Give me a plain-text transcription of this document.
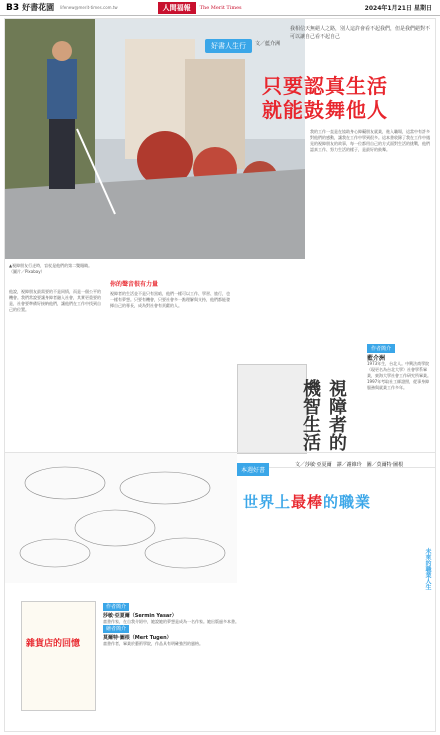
B3 好書花園 lifenew@merit-times.com.tw	人間福報	The Merit Times	2024年1月21日 星期日
好書人生行	文／藍介洲
我相信天無絕人之路，別人這許會看不起我們，但是我們絕對不可以讓自己看不起自己
只要認真生活
就能鼓舞他人
▲視障朋友行走時，盲杖是他們的第二雙眼睛。（圖片／Pixabay）
你的聲音很有力量
我的工作一直是在協助身心障礙朋友就業，進入職場，這當中有許多對他們的感動，讓我在工作中學到很多。這本書收錄了我在工作中遇見的視障朋友的故事，每一位都用自己的方式面對生活的挑戰，他們認真工作、努力生活的樣子，是最好的鼓舞。
視障者的生活並不是只有黑暗，他們一樣可以工作、學習、旅行，也一樣有夢想。只要有機會，只要社會多一點理解與支持，他們都能發揮自己的專長，成為對社會有貢獻的人。
他說，視障朋友最需要的不是同情，而是一個公平的機會。我們常說要讓身障者融入社會，其實更重要的是，社會要準備好接納他們，讓他們在工作中找到自己的位置。
視障者的機智生活
作者簡介
藍介洲
1973年生，台北人。中興法商學院（現更名為台北大學）社會學系畢業，東海大學社會工作研究所畢業。1997年考取社工師證照，從事身障服務與就業工作多年。
本週好書
文／莎敏‧亞夏爾　譯／謝維玲　圖／莫爾特‧圖根
世界上最棒的職業
雜貨店的回憶
作者簡介
莎敏‧亞夏爾（Sermin Yasar）
童書作家，在自我介紹中，她說她的夢想是成為一名作家。她出版過多本書。
繪者簡介
莫爾特‧圖根（Mert Tugen）
童書作者，畢業於藝術學院，作品具有明確強烈的風格。
未來的職業人生
